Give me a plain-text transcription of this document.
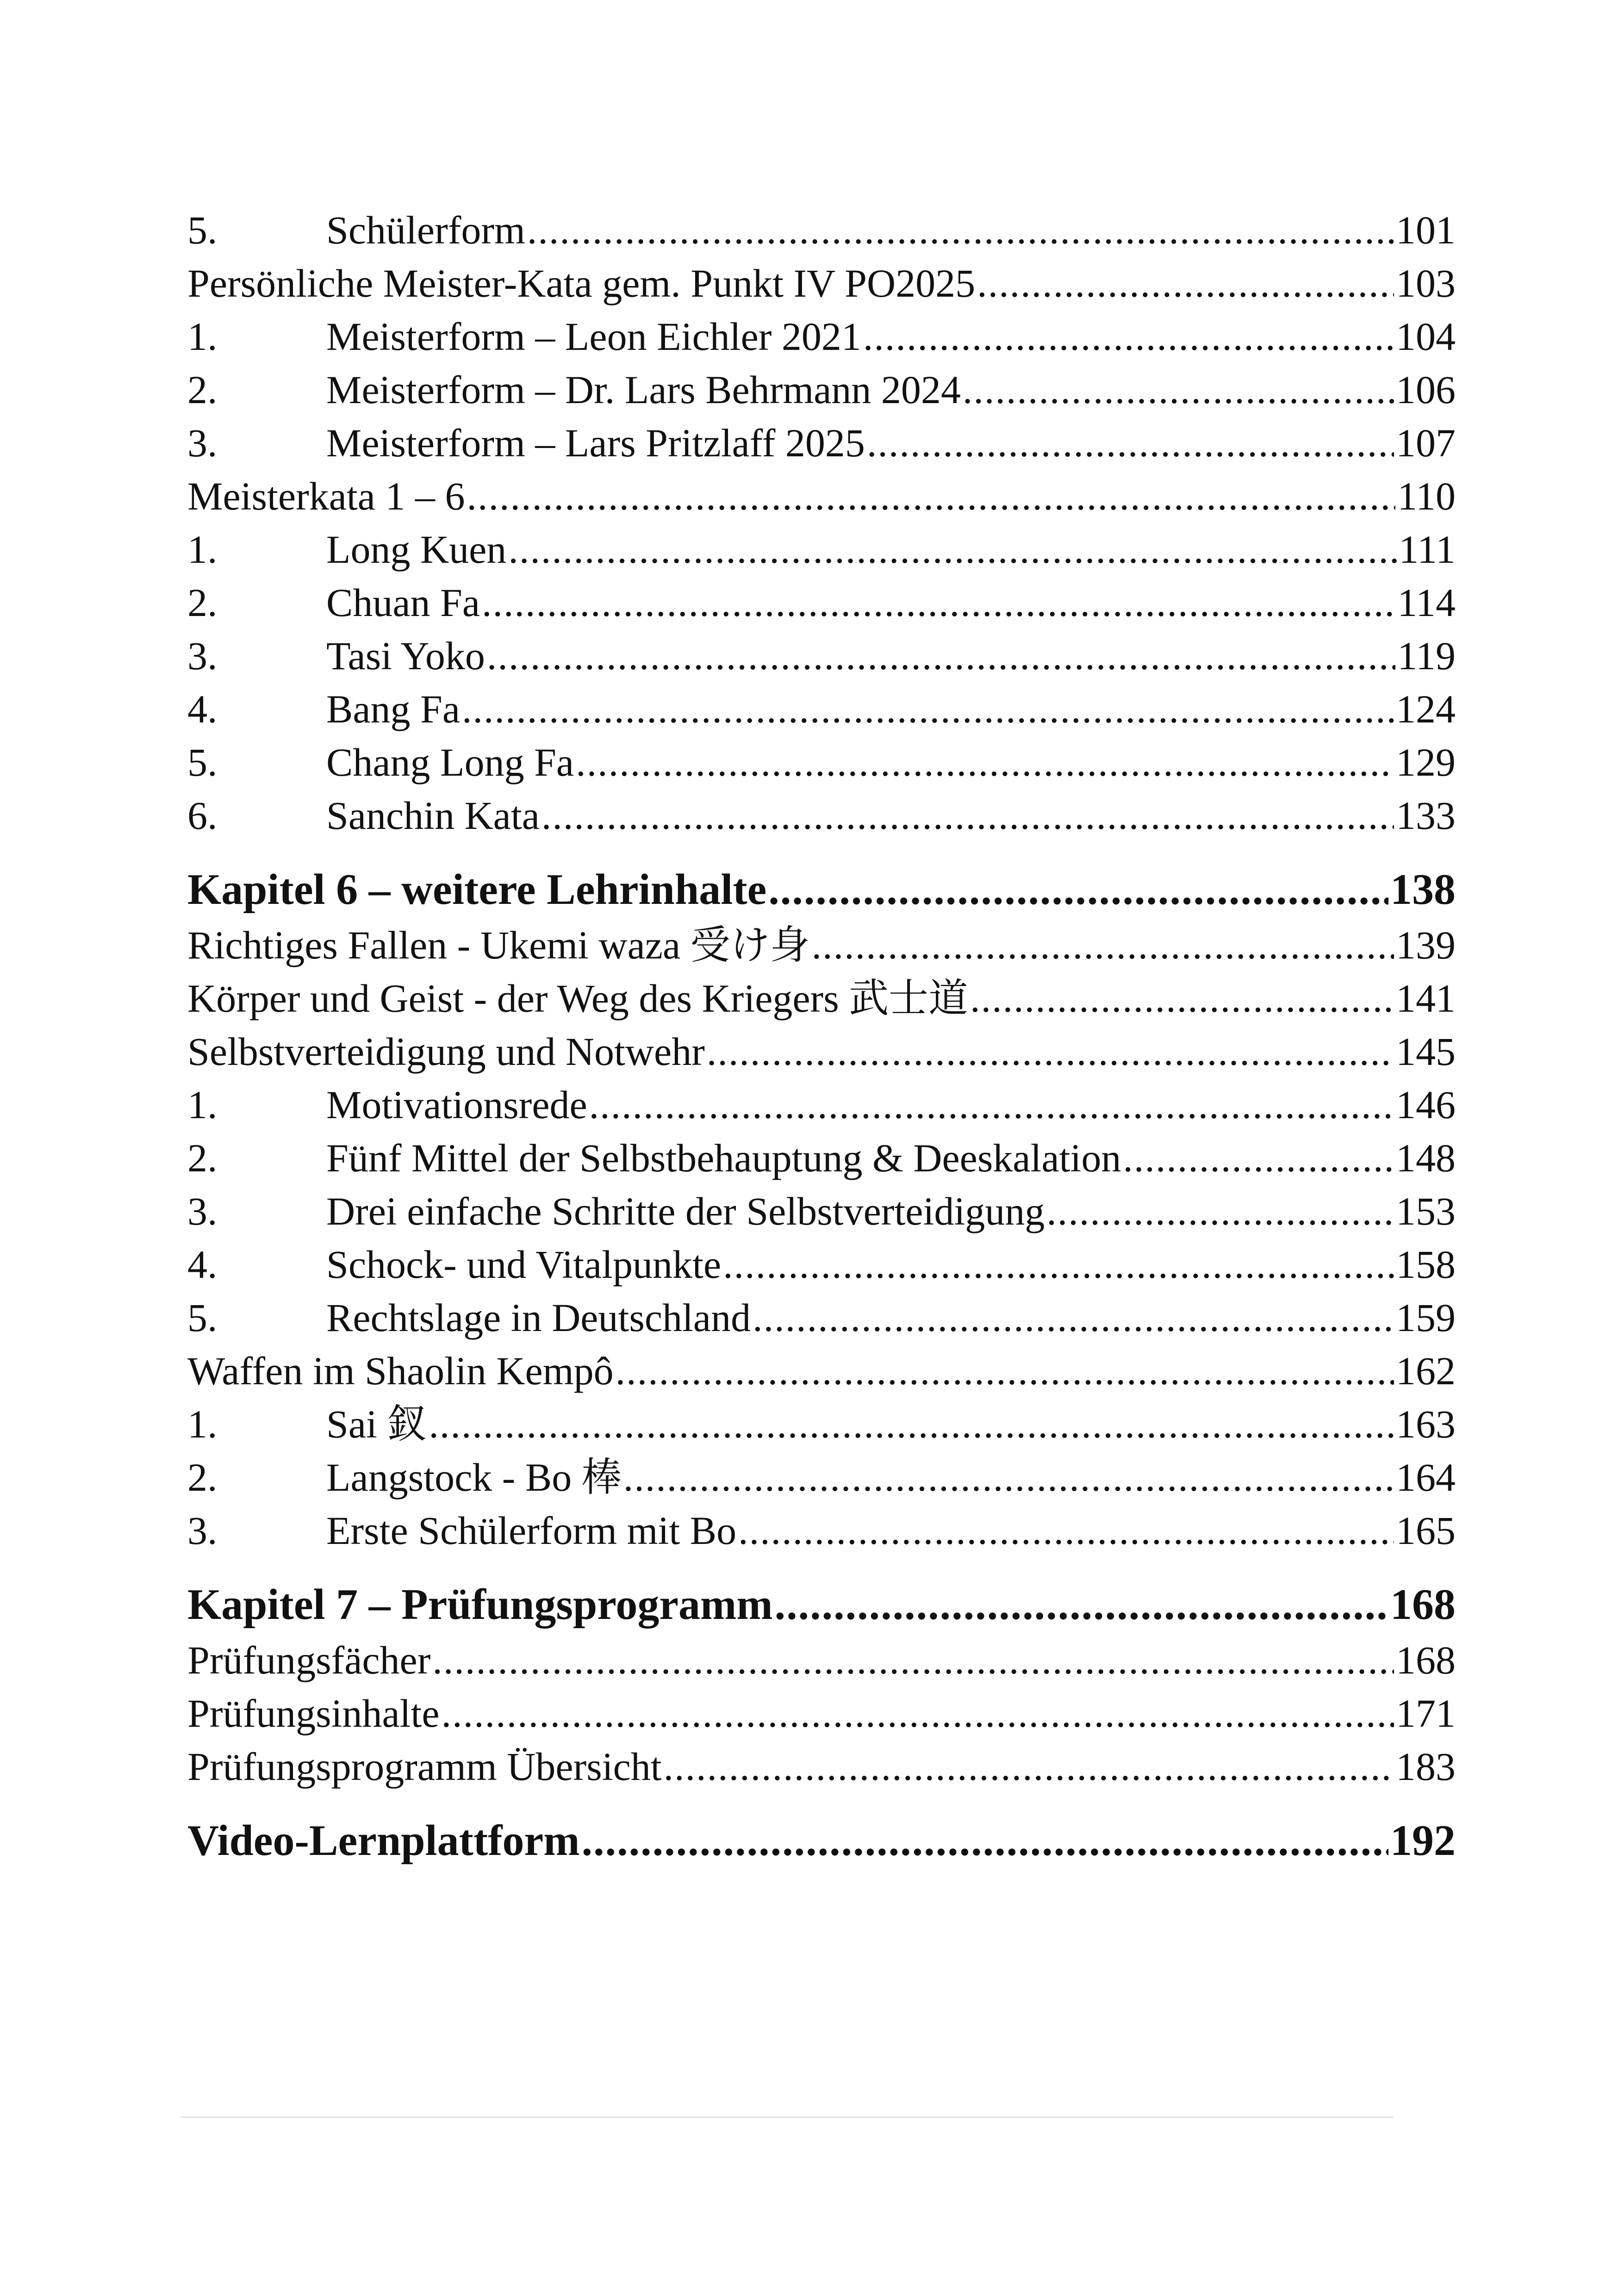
5.	Schülerform .....	101
Persönliche Meister-Kata gem. Punkt IV PO2025 .....	103
1.	Meisterform – Leon Eichler 2021 .....	104
2.	Meisterform – Dr. Lars Behrmann 2024 .....	106
3.	Meisterform – Lars Pritzlaff 2025 .....	107
Meisterkata 1 – 6 .....	110
1.	Long Kuen .....	111
2.	Chuan Fa .....	114
3.	Tasi Yoko .....	119
4.	Bang Fa .....	124
5.	Chang Long Fa .....	129
6.	Sanchin Kata .....	133
Kapitel 6 – weitere Lehrinhalte .....	138
Richtiges Fallen - Ukemi waza 受け身 .....	139
Körper und Geist - der Weg des Kriegers 武士道 .....	141
Selbstverteidigung und Notwehr .....	145
1.	Motivationsrede .....	146
2.	Fünf Mittel der Selbstbehauptung & Deeskalation .....	148
3.	Drei einfache Schritte der Selbstverteidigung .....	153
4.	Schock- und Vitalpunkte .....	158
5.	Rechtslage in Deutschland .....	159
Waffen im Shaolin Kempô .....	162
1.	Sai 釵 .....	163
2.	Langstock - Bo 棒 .....	164
3.	Erste Schülerform mit Bo .....	165
Kapitel 7 – Prüfungsprogramm .....	168
Prüfungsfächer .....	168
Prüfungsinhalte .....	171
Prüfungsprogramm Übersicht .....	183
Video-Lernplattform .....	192
